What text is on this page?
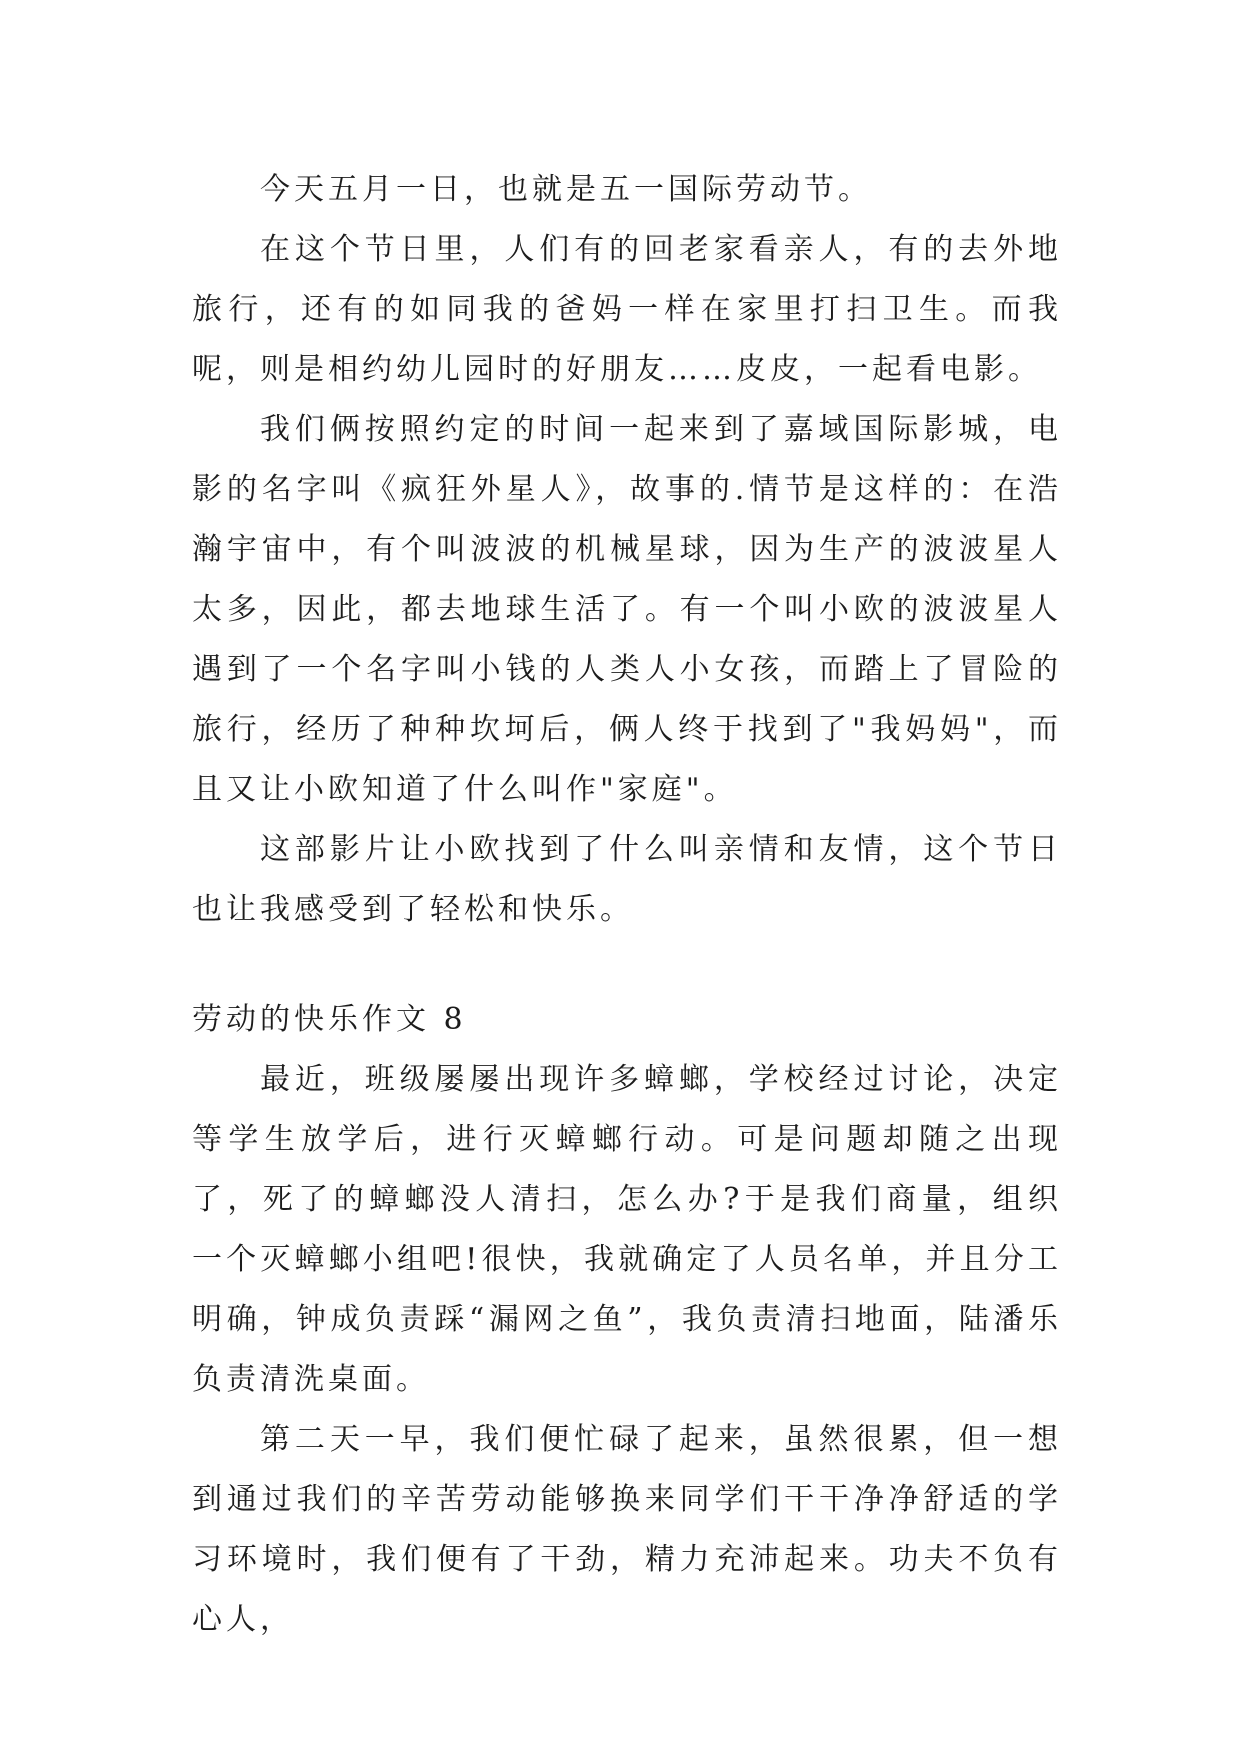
今天五月一日，也就是五一国际劳动节。

在这个节日里，人们有的回老家看亲人，有的去外地旅行，还有的如同我的爸妈一样在家里打扫卫生。而我呢，则是相约幼儿园时的好朋友……皮皮，一起看电影。

我们俩按照约定的时间一起来到了嘉域国际影城，电影的名字叫《疯狂外星人》，故事的.情节是这样的：在浩瀚宇宙中，有个叫波波的机械星球，因为生产的波波星人太多，因此，都去地球生活了。有一个叫小欧的波波星人遇到了一个名字叫小钱的人类人小女孩，而踏上了冒险的旅行，经历了种种坎坷后，俩人终于找到了"我妈妈"，而且又让小欧知道了什么叫作"家庭"。

这部影片让小欧找到了什么叫亲情和友情，这个节日也让我感受到了轻松和快乐。

劳动的快乐作文 8

最近，班级屡屡出现许多蟑螂，学校经过讨论，决定等学生放学后，进行灭蟑螂行动。可是问题却随之出现了，死了的蟑螂没人清扫，怎么办?于是我们商量，组织一个灭蟑螂小组吧!很快，我就确定了人员名单，并且分工明确，钟成负责踩“漏网之鱼”，我负责清扫地面，陆潘乐负责清洗桌面。

第二天一早，我们便忙碌了起来，虽然很累，但一想到通过我们的辛苦劳动能够换来同学们干干净净舒适的学习环境时，我们便有了干劲，精力充沛起来。功夫不负有心人，
